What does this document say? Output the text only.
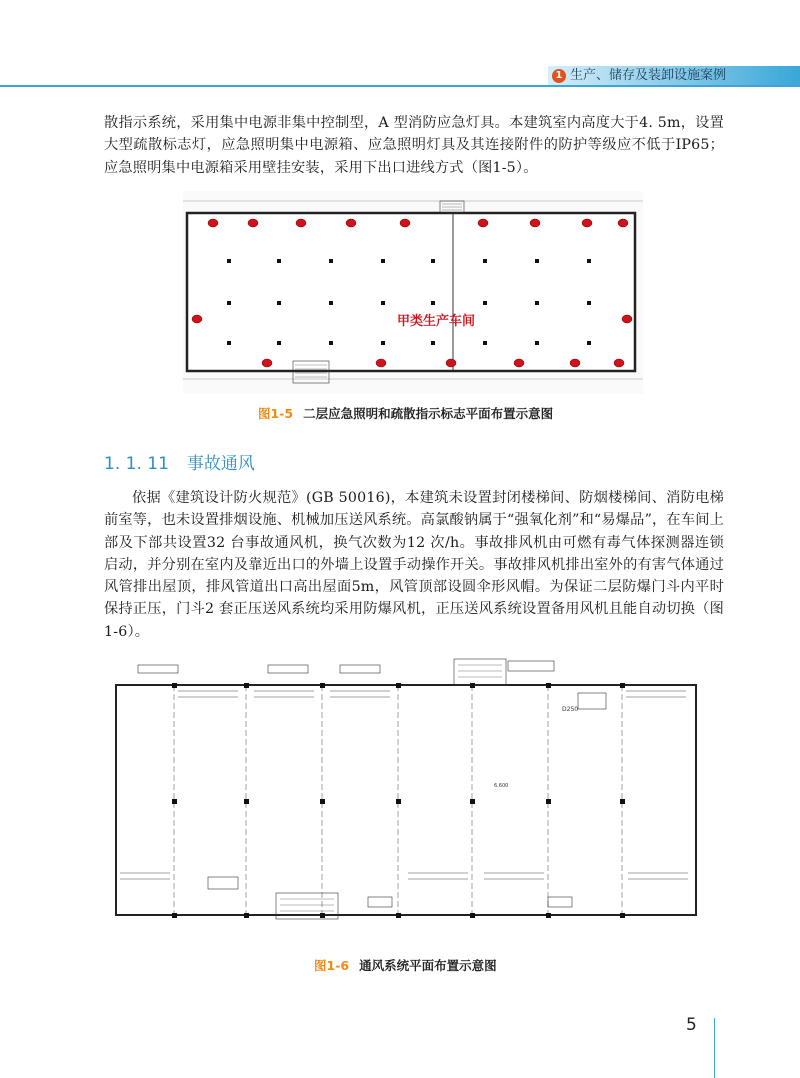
1 生产、储存及装卸设施案例

散指示系统，采用集中电源非集中控制型，A 型消防应急灯具。本建筑室内高度大于4. 5m，设置大型疏散标志灯，应急照明集中电源箱、应急照明灯具及其连接附件的防护等级应不低于IP65；应急照明集中电源箱采用壁挂安装，采用下出口进线方式（图1-5）。

甲类生产车间
图1-5 二层应急照明和疏散指示标志平面布置示意图
1. 1. 11 事故通风

依据《建筑设计防火规范》(GB 50016)，本建筑未设置封闭楼梯间、防烟楼梯间、消防电梯前室等，也未设置排烟设施、机械加压送风系统。高氯酸钠属于“强氧化剂”和“易爆品”，在车间上部及下部共设置32 台事故通风机，换气次数为12 次/h。事故排风机由可燃有毒气体探测器连锁启动，并分别在室内及靠近出口的外墙上设置手动操作开关。事故排风机排出室外的有害气体通过风管排出屋顶，排风管道出口高出屋面5m，风管顶部设圆伞形风帽。为保证二层防爆门斗内平时保持正压，门斗2 套正压送风系统均采用防爆风机，正压送风系统设置备用风机且能自动切换（图1-6）。

6.600
D250
图1-6 通风系统平面布置示意图
5
